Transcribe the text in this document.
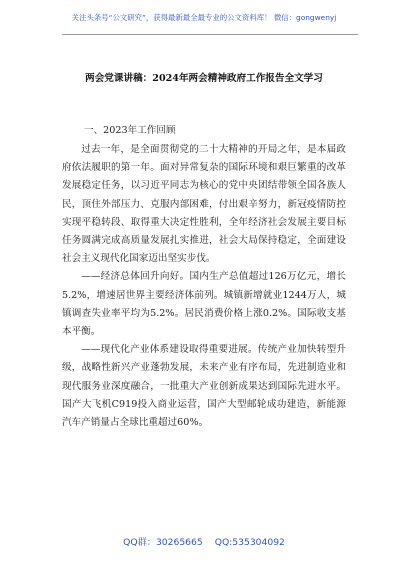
关注头条号“公文研究”，获得最新最全最专业的公文资料库！ 微信：gongwenyj
两会党课讲稿：2024年两会精神政府工作报告全文学习
一、2023年工作回顾

过去一年，是全面贯彻党的二十大精神的开局之年，是本届政府依法履职的第一年。面对异常复杂的国际环境和艰巨繁重的改革发展稳定任务，以习近平同志为核心的党中央团结带领全国各族人民，顶住外部压力、克服内部困难，付出艰辛努力，新冠疫情防控实现平稳转段、取得重大决定性胜利，全年经济社会发展主要目标任务圆满完成高质量发展扎实推进，社会大局保持稳定，全面建设社会主义现代化国家迈出坚实步伐。

——经济总体回升向好。国内生产总值超过126万亿元，增长5.2%，增速居世界主要经济体前列。城镇新增就业1244万人，城镇调查失业率平均为5.2%。居民消费价格上涨0.2%。国际收支基本平衡。

——现代化产业体系建设取得重要进展。传统产业加快转型升级，战略性新兴产业蓬勃发展，未来产业有序布局，先进制造业和现代服务业深度融合，一批重大产业创新成果达到国际先进水平。国产大飞机C919投入商业运营，国产大型邮轮成功建造，新能源汽车产销量占全球比重超过60%。

QQ群：30265665 QQ:535304092
